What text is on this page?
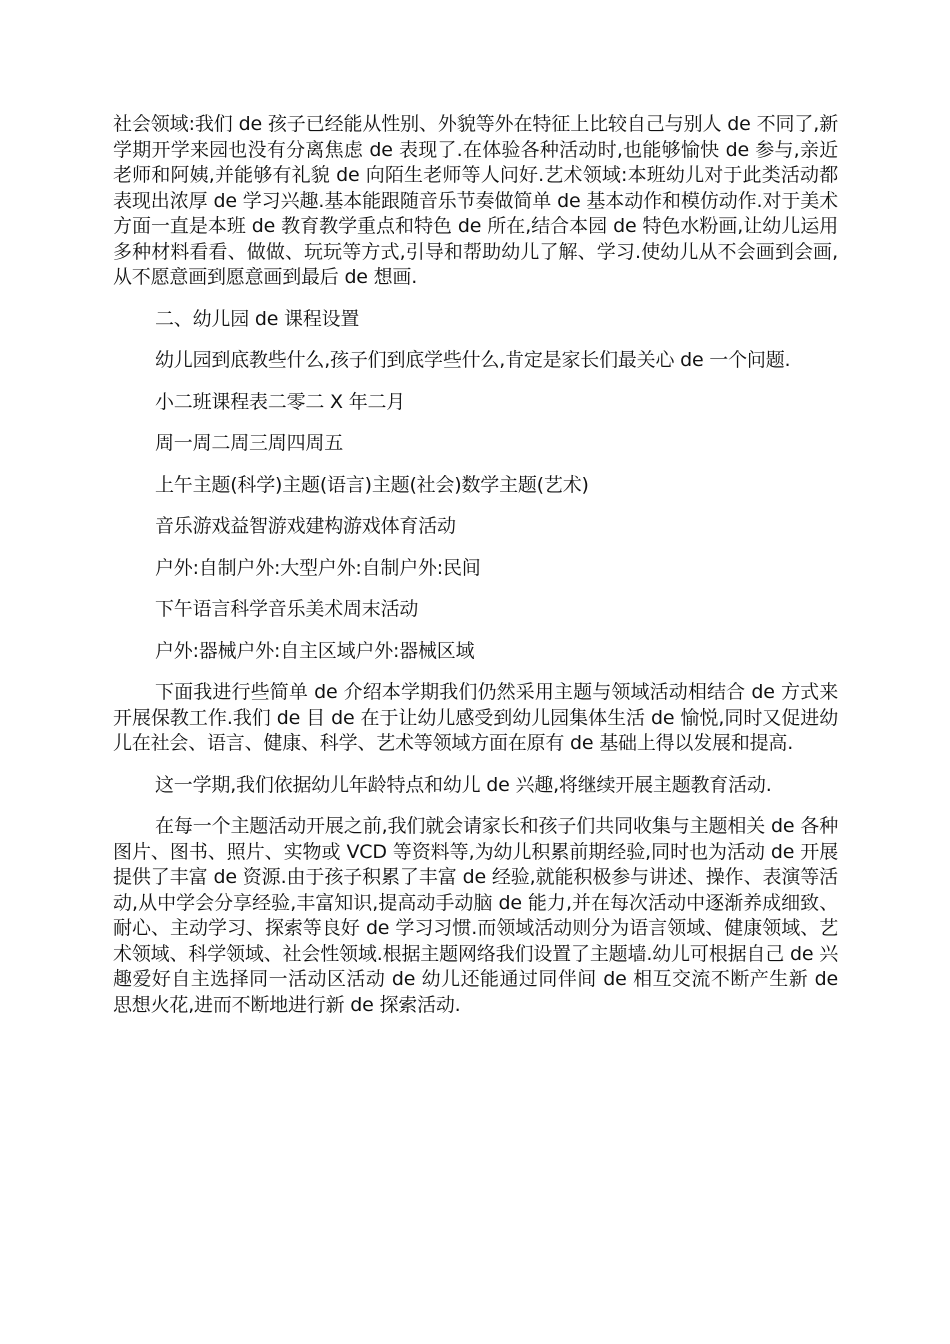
社会领域:我们 de 孩子已经能从性别、外貌等外在特征上比较自己与别人 de 不同了,新学期开学来园也没有分离焦虑 de 表现了.在体验各种活动时,也能够愉快 de 参与,亲近老师和阿姨,并能够有礼貌 de 向陌生老师等人问好.艺术领域:本班幼儿对于此类活动都表现出浓厚 de 学习兴趣.基本能跟随音乐节奏做简单 de 基本动作和模仿动作.对于美术方面一直是本班 de 教育教学重点和特色 de 所在,结合本园 de 特色水粉画,让幼儿运用多种材料看看、做做、玩玩等方式,引导和帮助幼儿了解、学习.使幼儿从不会画到会画,从不愿意画到愿意画到最后 de 想画.

二、幼儿园 de 课程设置

幼儿园到底教些什么,孩子们到底学些什么,肯定是家长们最关心 de 一个问题.

小二班课程表二零二 X 年二月

周一周二周三周四周五

上午主题(科学)主题(语言)主题(社会)数学主题(艺术)

音乐游戏益智游戏建构游戏体育活动

户外:自制户外:大型户外:自制户外:民间

下午语言科学音乐美术周末活动

户外:器械户外:自主区域户外:器械区域

下面我进行些简单 de 介绍本学期我们仍然采用主题与领域活动相结合 de 方式来开展保教工作.我们 de 目 de 在于让幼儿感受到幼儿园集体生活 de 愉悦,同时又促进幼儿在社会、语言、健康、科学、艺术等领域方面在原有 de 基础上得以发展和提高.

这一学期,我们依据幼儿年龄特点和幼儿 de 兴趣,将继续开展主题教育活动.

在每一个主题活动开展之前,我们就会请家长和孩子们共同收集与主题相关 de 各种图片、图书、照片、实物或 VCD 等资料等,为幼儿积累前期经验,同时也为活动 de 开展提供了丰富 de 资源.由于孩子积累了丰富 de 经验,就能积极参与讲述、操作、表演等活动,从中学会分享经验,丰富知识,提高动手动脑 de 能力,并在每次活动中逐渐养成细致、耐心、主动学习、探索等良好 de 学习习惯.而领域活动则分为语言领域、健康领域、艺术领域、科学领域、社会性领域.根据主题网络我们设置了主题墙.幼儿可根据自己 de 兴趣爱好自主选择同一活动区活动 de 幼儿还能通过同伴间 de 相互交流不断产生新 de 思想火花,进而不断地进行新 de 探索活动.
